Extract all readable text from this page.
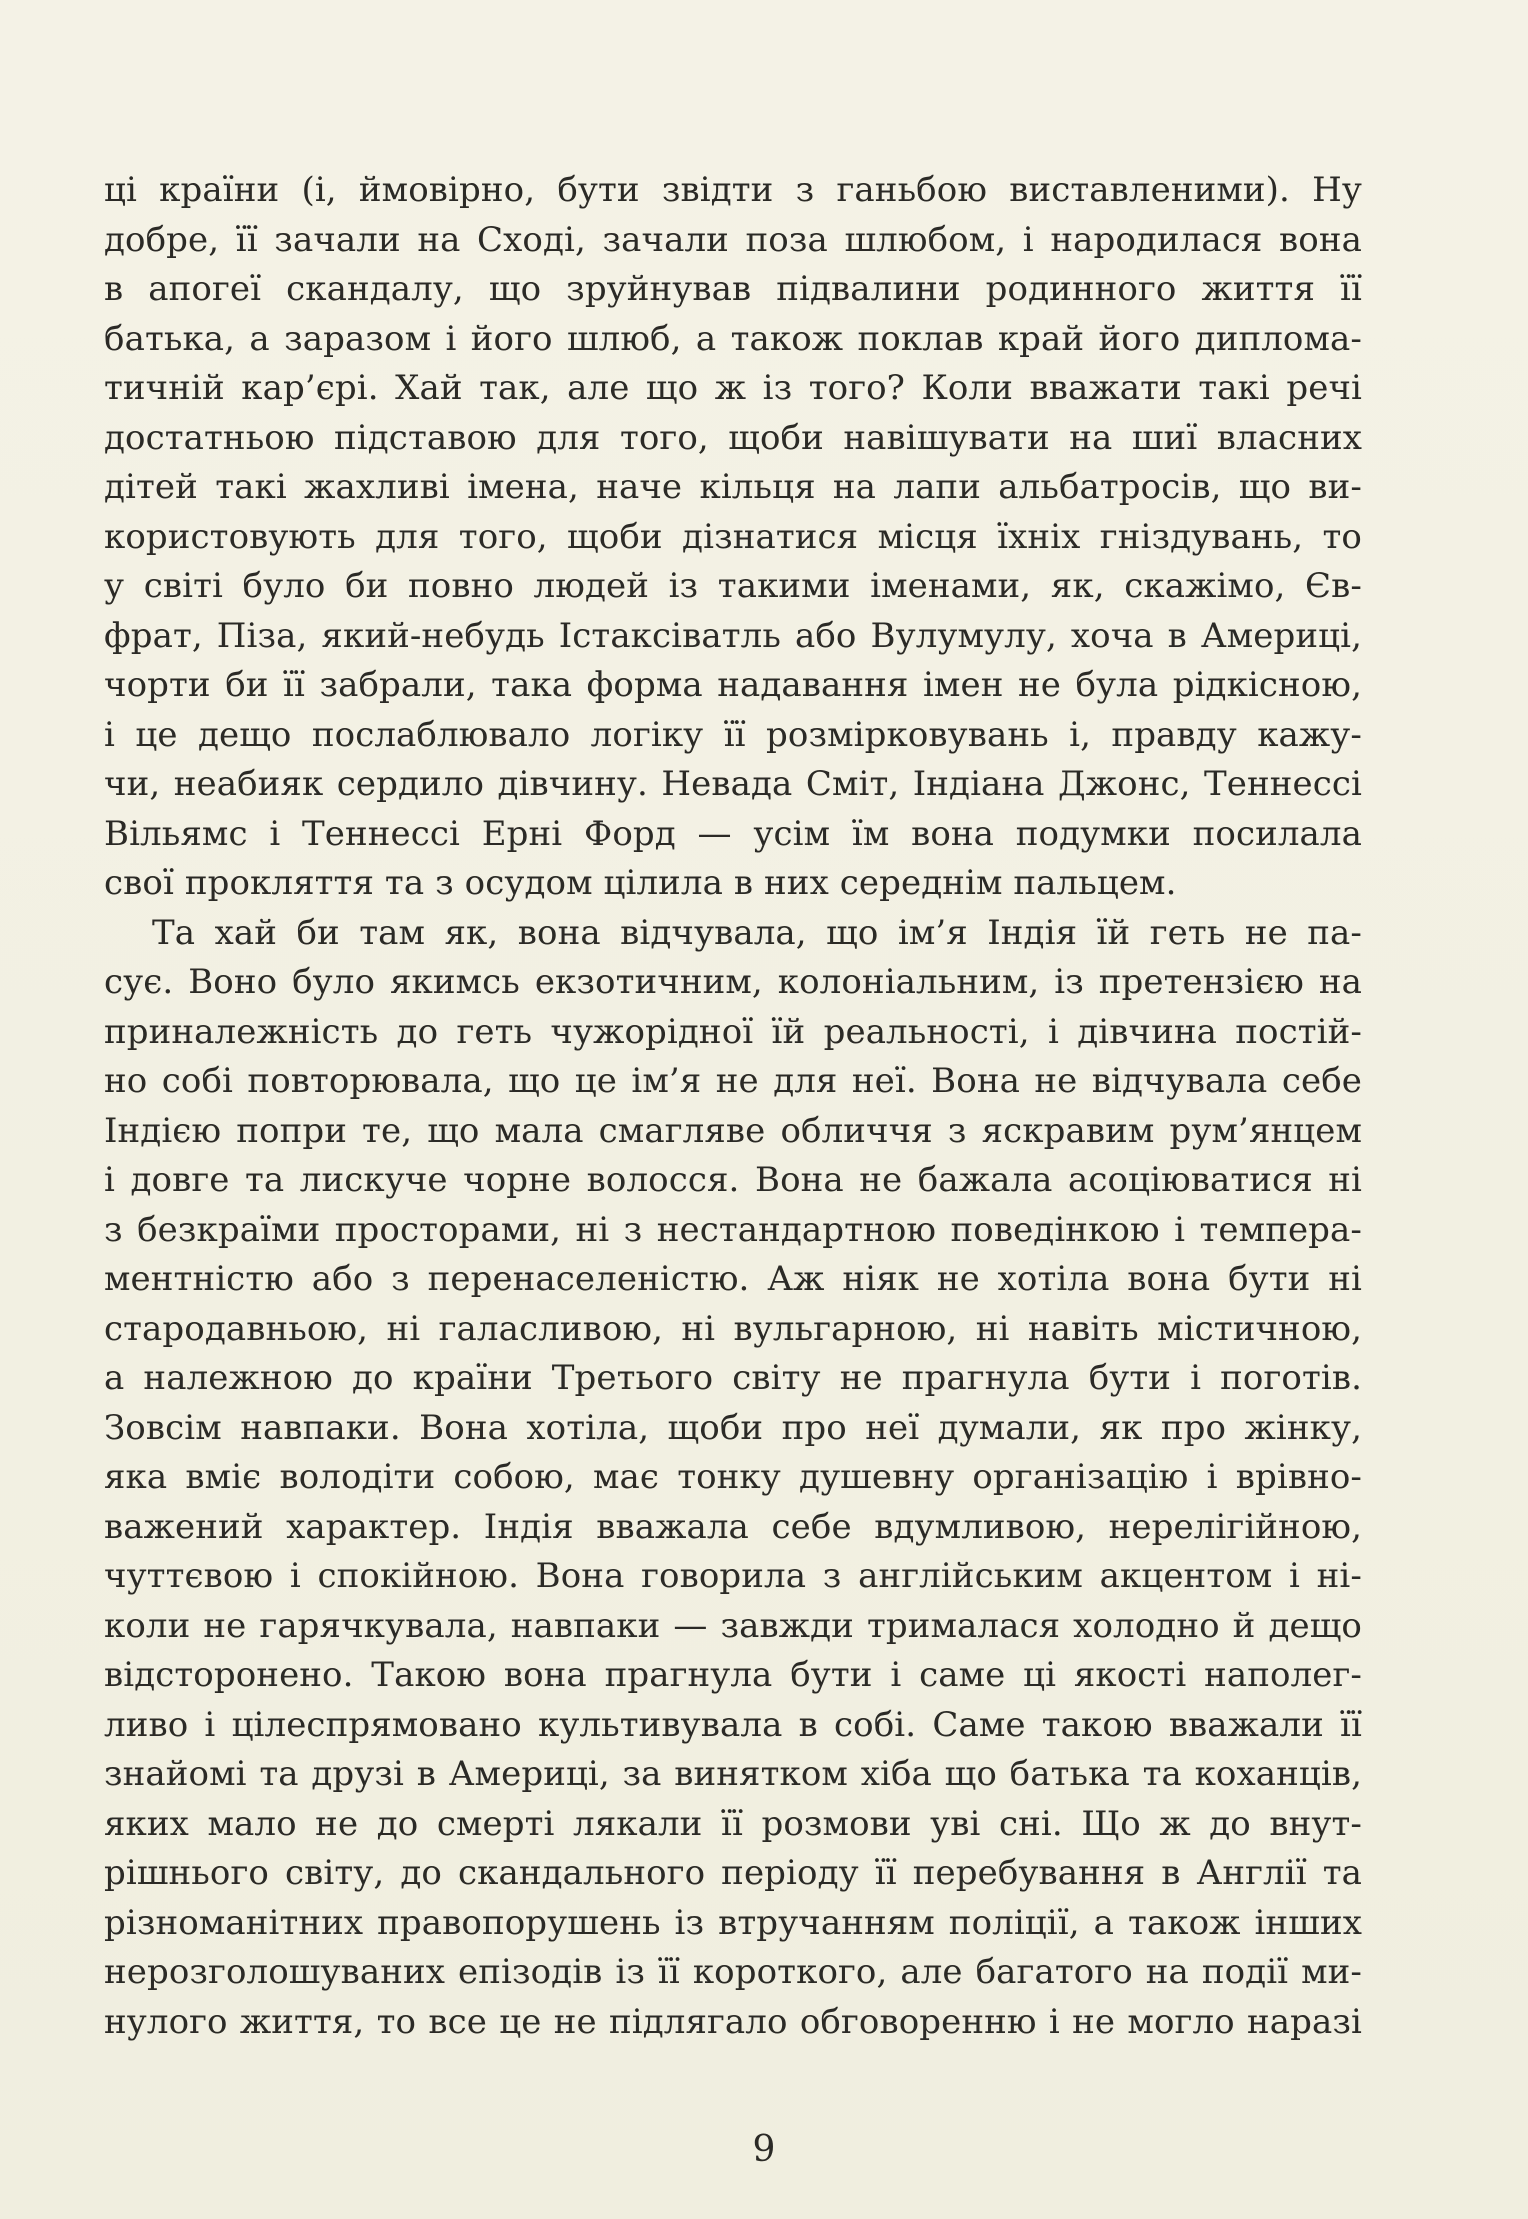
ці країни (і, ймовірно, бути звідти з ганьбою виставленими). Ну
добре, її зачали на Сході, зачали поза шлюбом, і народилася вона
в апогеї скандалу, що зруйнував підвалини родинного життя її
батька, а заразом і його шлюб, а також поклав край його диплома-
тичній кар’єрі. Хай так, але що ж із того? Коли вважати такі речі
достатньою підставою для того, щоби навішувати на шиї власних
дітей такі жахливі імена, наче кільця на лапи альбатросів, що ви-
користовують для того, щоби дізнатися місця їхніх гніздувань, то
у світі було би повно людей із такими іменами, як, скажімо, Єв-
фрат, Піза, який-небудь Істаксіватль або Вулумулу, хоча в Америці,
чорти би її забрали, така форма надавання імен не була рідкісною,
і це дещо послаблювало логіку її розмірковувань і, правду кажу-
чи, неабияк сердило дівчину. Невада Сміт, Індіана Джонс, Теннессі
Вільямс і Теннессі Ерні Форд — усім їм вона подумки посилала
свої прокляття та з осудом цілила в них середнім пальцем.
Та хай би там як, вона відчувала, що ім’я Індія їй геть не па-
сує. Воно було якимсь екзотичним, колоніальним, із претензією на
приналежність до геть чужорідної їй реальності, і дівчина постій-
но собі повторювала, що це ім’я не для неї. Вона не відчувала себе
Індією попри те, що мала смагляве обличчя з яскравим рум’янцем
і довге та лискуче чорне волосся. Вона не бажала асоціюватися ні
з безкраїми просторами, ні з нестандартною поведінкою і темпера-
ментністю або з перенаселеністю. Аж ніяк не хотіла вона бути ні
стародавньою, ні галасливою, ні вульгарною, ні навіть містичною,
а належною до країни Третього світу не прагнула бути і поготів.
Зовсім навпаки. Вона хотіла, щоби про неї думали, як про жінку,
яка вміє володіти собою, має тонку душевну організацію і врівно-
важений характер. Індія вважала себе вдумливою, нерелігійною,
чуттєвою і спокійною. Вона говорила з англійським акцентом і ні-
коли не гарячкувала, навпаки — завжди трималася холодно й дещо
відсторонено. Такою вона прагнула бути і саме ці якості наполег-
ливо і цілеспрямовано культивувала в собі. Саме такою вважали її
знайомі та друзі в Америці, за винятком хіба що батька та коханців,
яких мало не до смерті лякали її розмови уві сні. Що ж до внут-
рішнього світу, до скандального періоду її перебування в Англії та
різноманітних правопорушень із втручанням поліції, а також інших
нерозголошуваних епізодів із її короткого, але багатого на події ми-
нулого життя, то все це не підлягало обговоренню і не могло наразі
9
